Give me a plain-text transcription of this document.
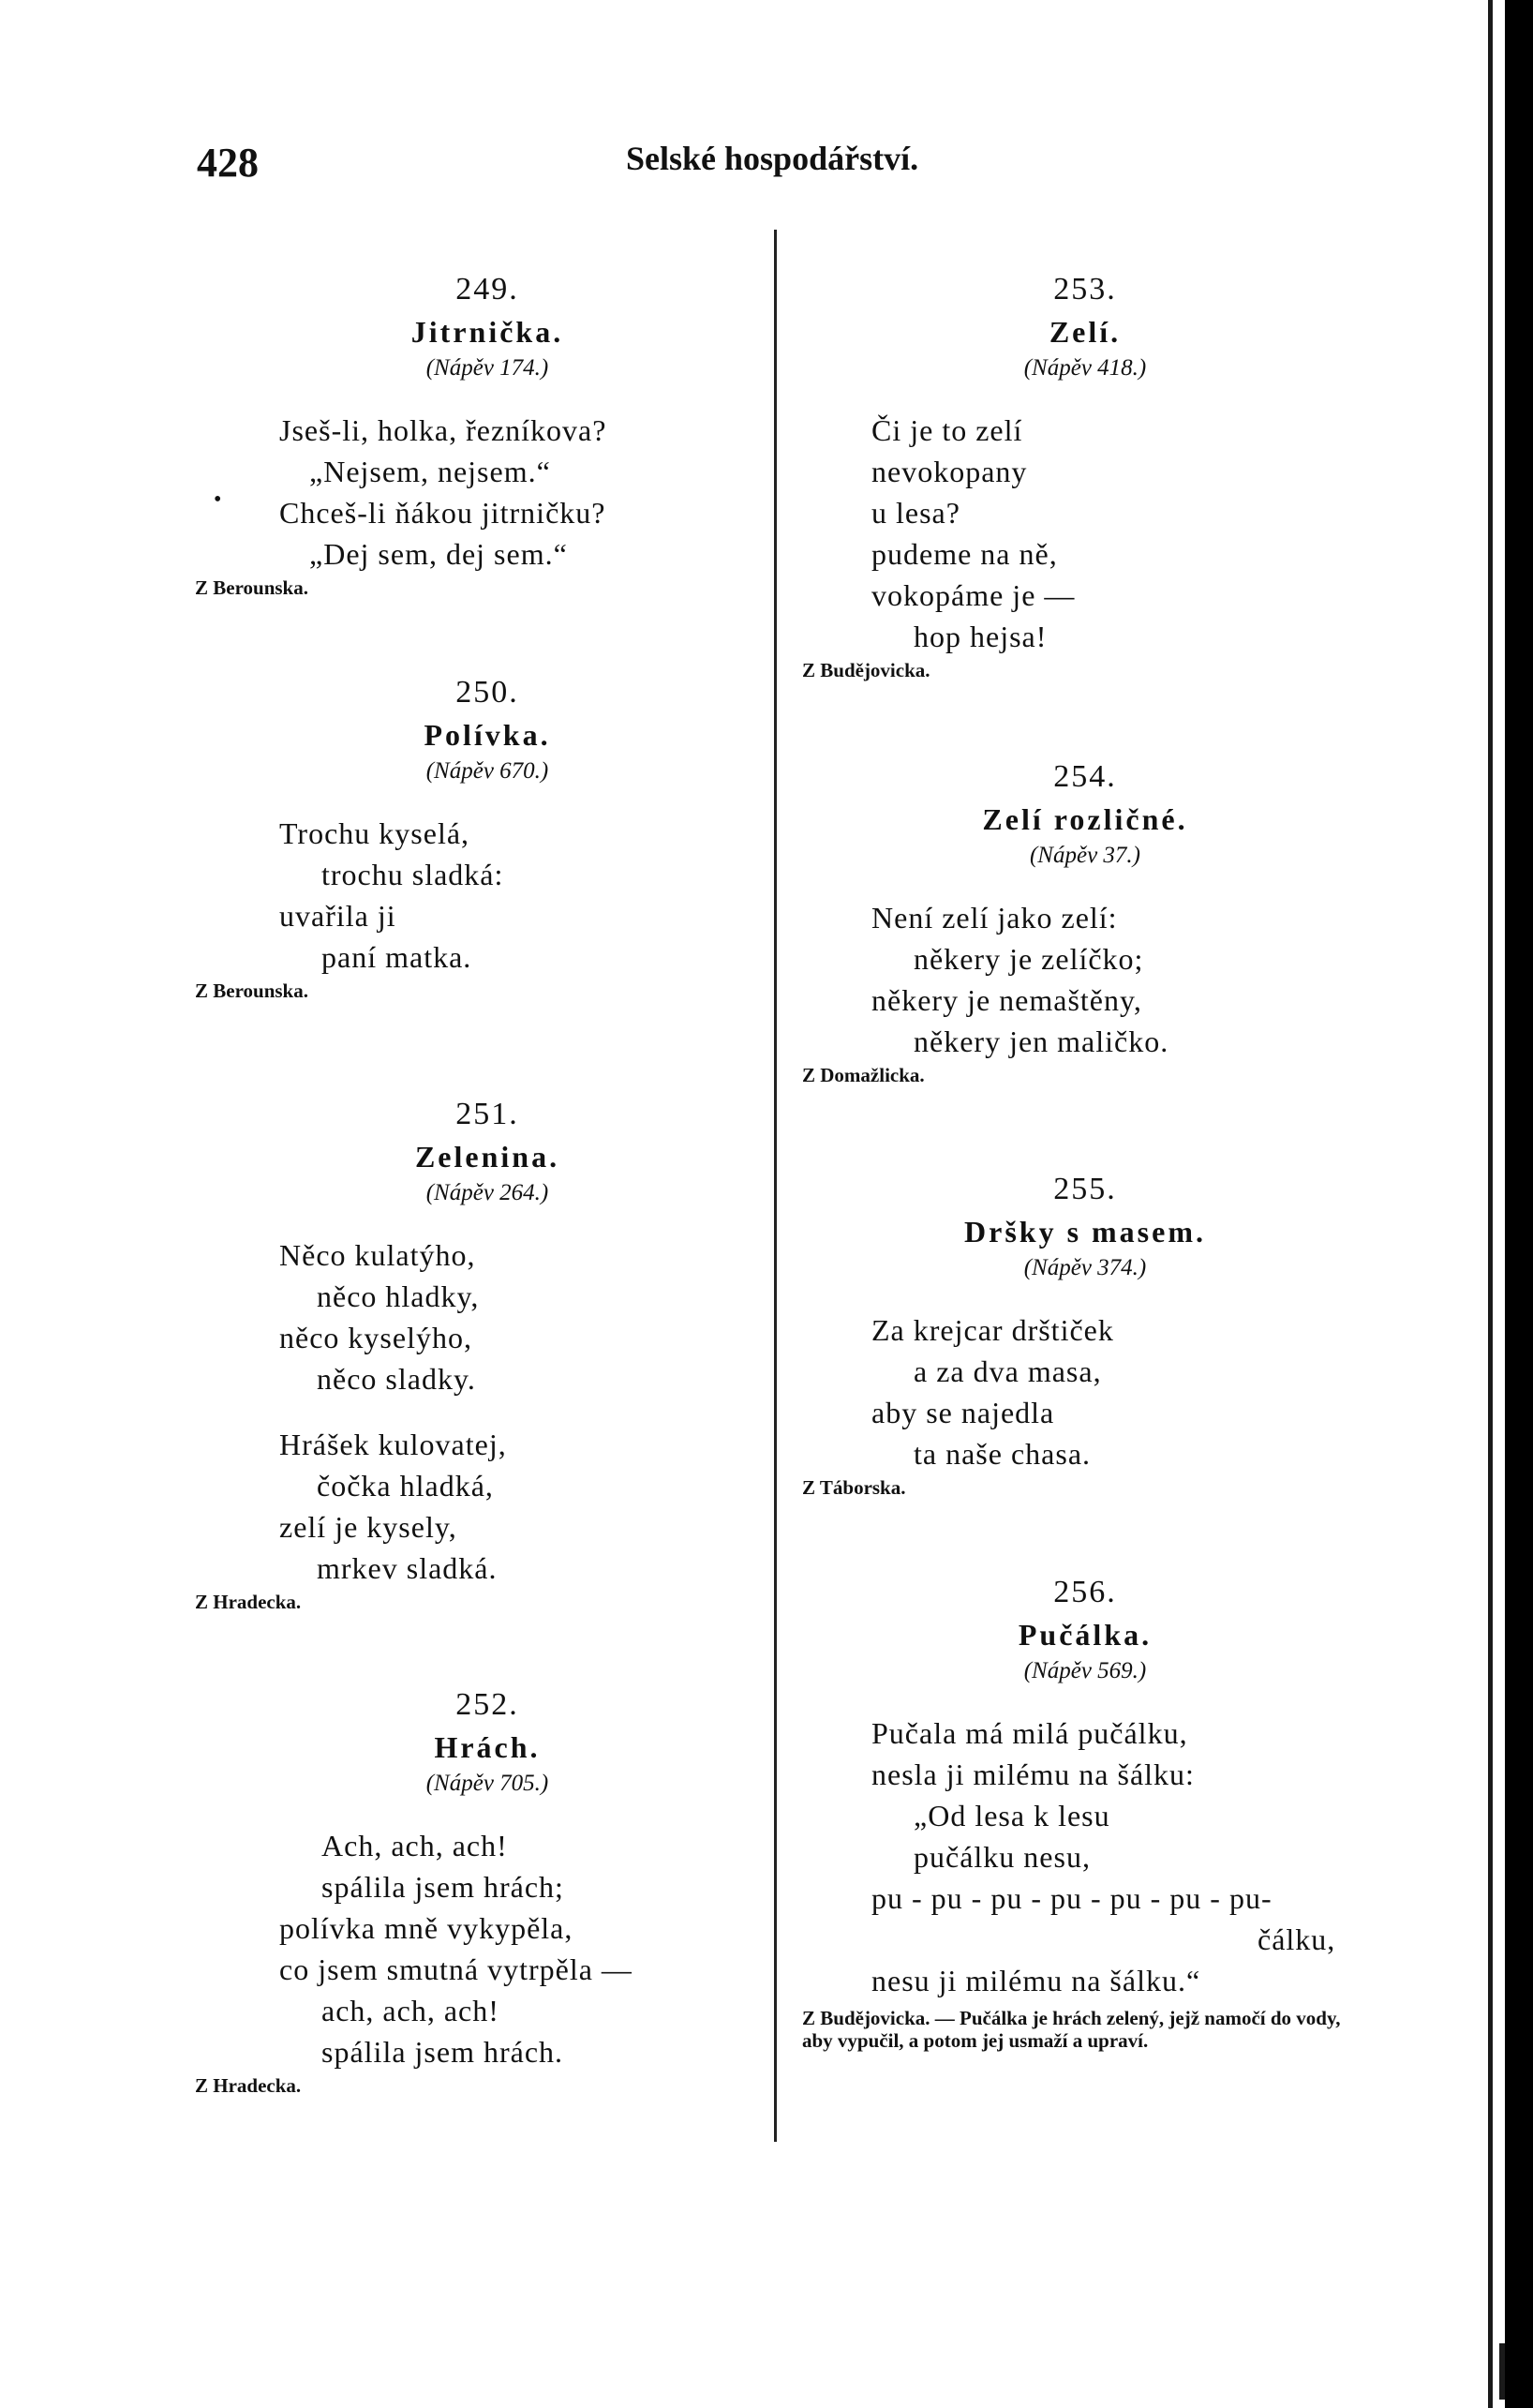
428	Selské hospodářství.
249.
Jitrnička.
(Nápěv 174.)
Jseš-li, holka, řezníkova?
„Nejsem, nejsem.“
Chceš-li ňákou jitrničku?
„Dej sem, dej sem.“
Z Berounska.
250.
Polívka.
(Nápěv 670.)
Trochu kyselá,
trochu sladká:
uvařila ji
paní matka.
Z Berounska.
251.
Zelenina.
(Nápěv 264.)
Něco kulatýho,
něco hladky,
něco kyselýho,
něco sladky.
Hrášek kulovatej,
čočka hladká,
zelí je kysely,
mrkev sladká.
Z Hradecka.
252.
Hrách.
(Nápěv 705.)
Ach, ach, ach!
spálila jsem hrách;
polívka mně vykypěla,
co jsem smutná vytrpěla —
ach, ach, ach!
spálila jsem hrách.
Z Hradecka.
253.
Zelí.
(Nápěv 418.)
Či je to zelí
nevokopany
u lesa?
pudeme na ně,
vokopáme je —
hop hejsa!
Z Budějovicka.
254.
Zelí rozličné.
(Nápěv 37.)
Není zelí jako zelí:
někery je zelíčko;
někery je nemaštěny,
někery jen maličko.
Z Domažlicka.
255.
Dršky s masem.
(Nápěv 374.)
Za krejcar drštiček
a za dva masa,
aby se najedla
ta naše chasa.
Z Táborska.
256.
Pučálka.
(Nápěv 569.)
Pučala má milá pučálku,
nesla ji milému na šálku:
„Od lesa k lesu
pučálku nesu,
pu - pu - pu - pu - pu - pu - pu-
čálku,
nesu ji milému na šálku.“
Z Budějovicka. — Pučálka je hrách zelený, jejž namočí do vody, aby vypučil, a potom jej usmaží a upraví.
•
